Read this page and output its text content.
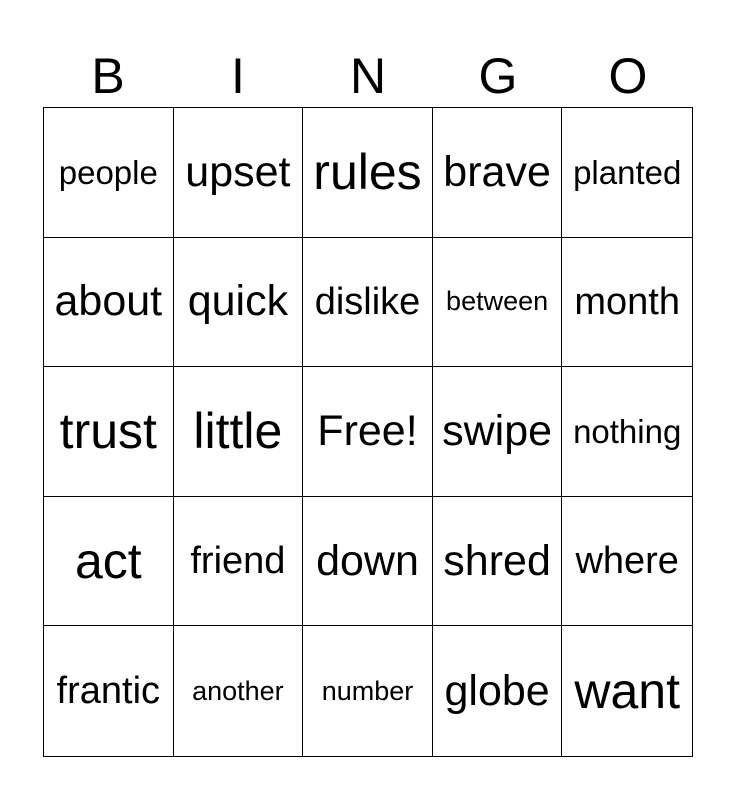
B	I	N	G	O
people upset rules brave planted
about quick dislike between month
trust little Free! swipe nothing
act	friend down shred where
frantic	another	number globe want
